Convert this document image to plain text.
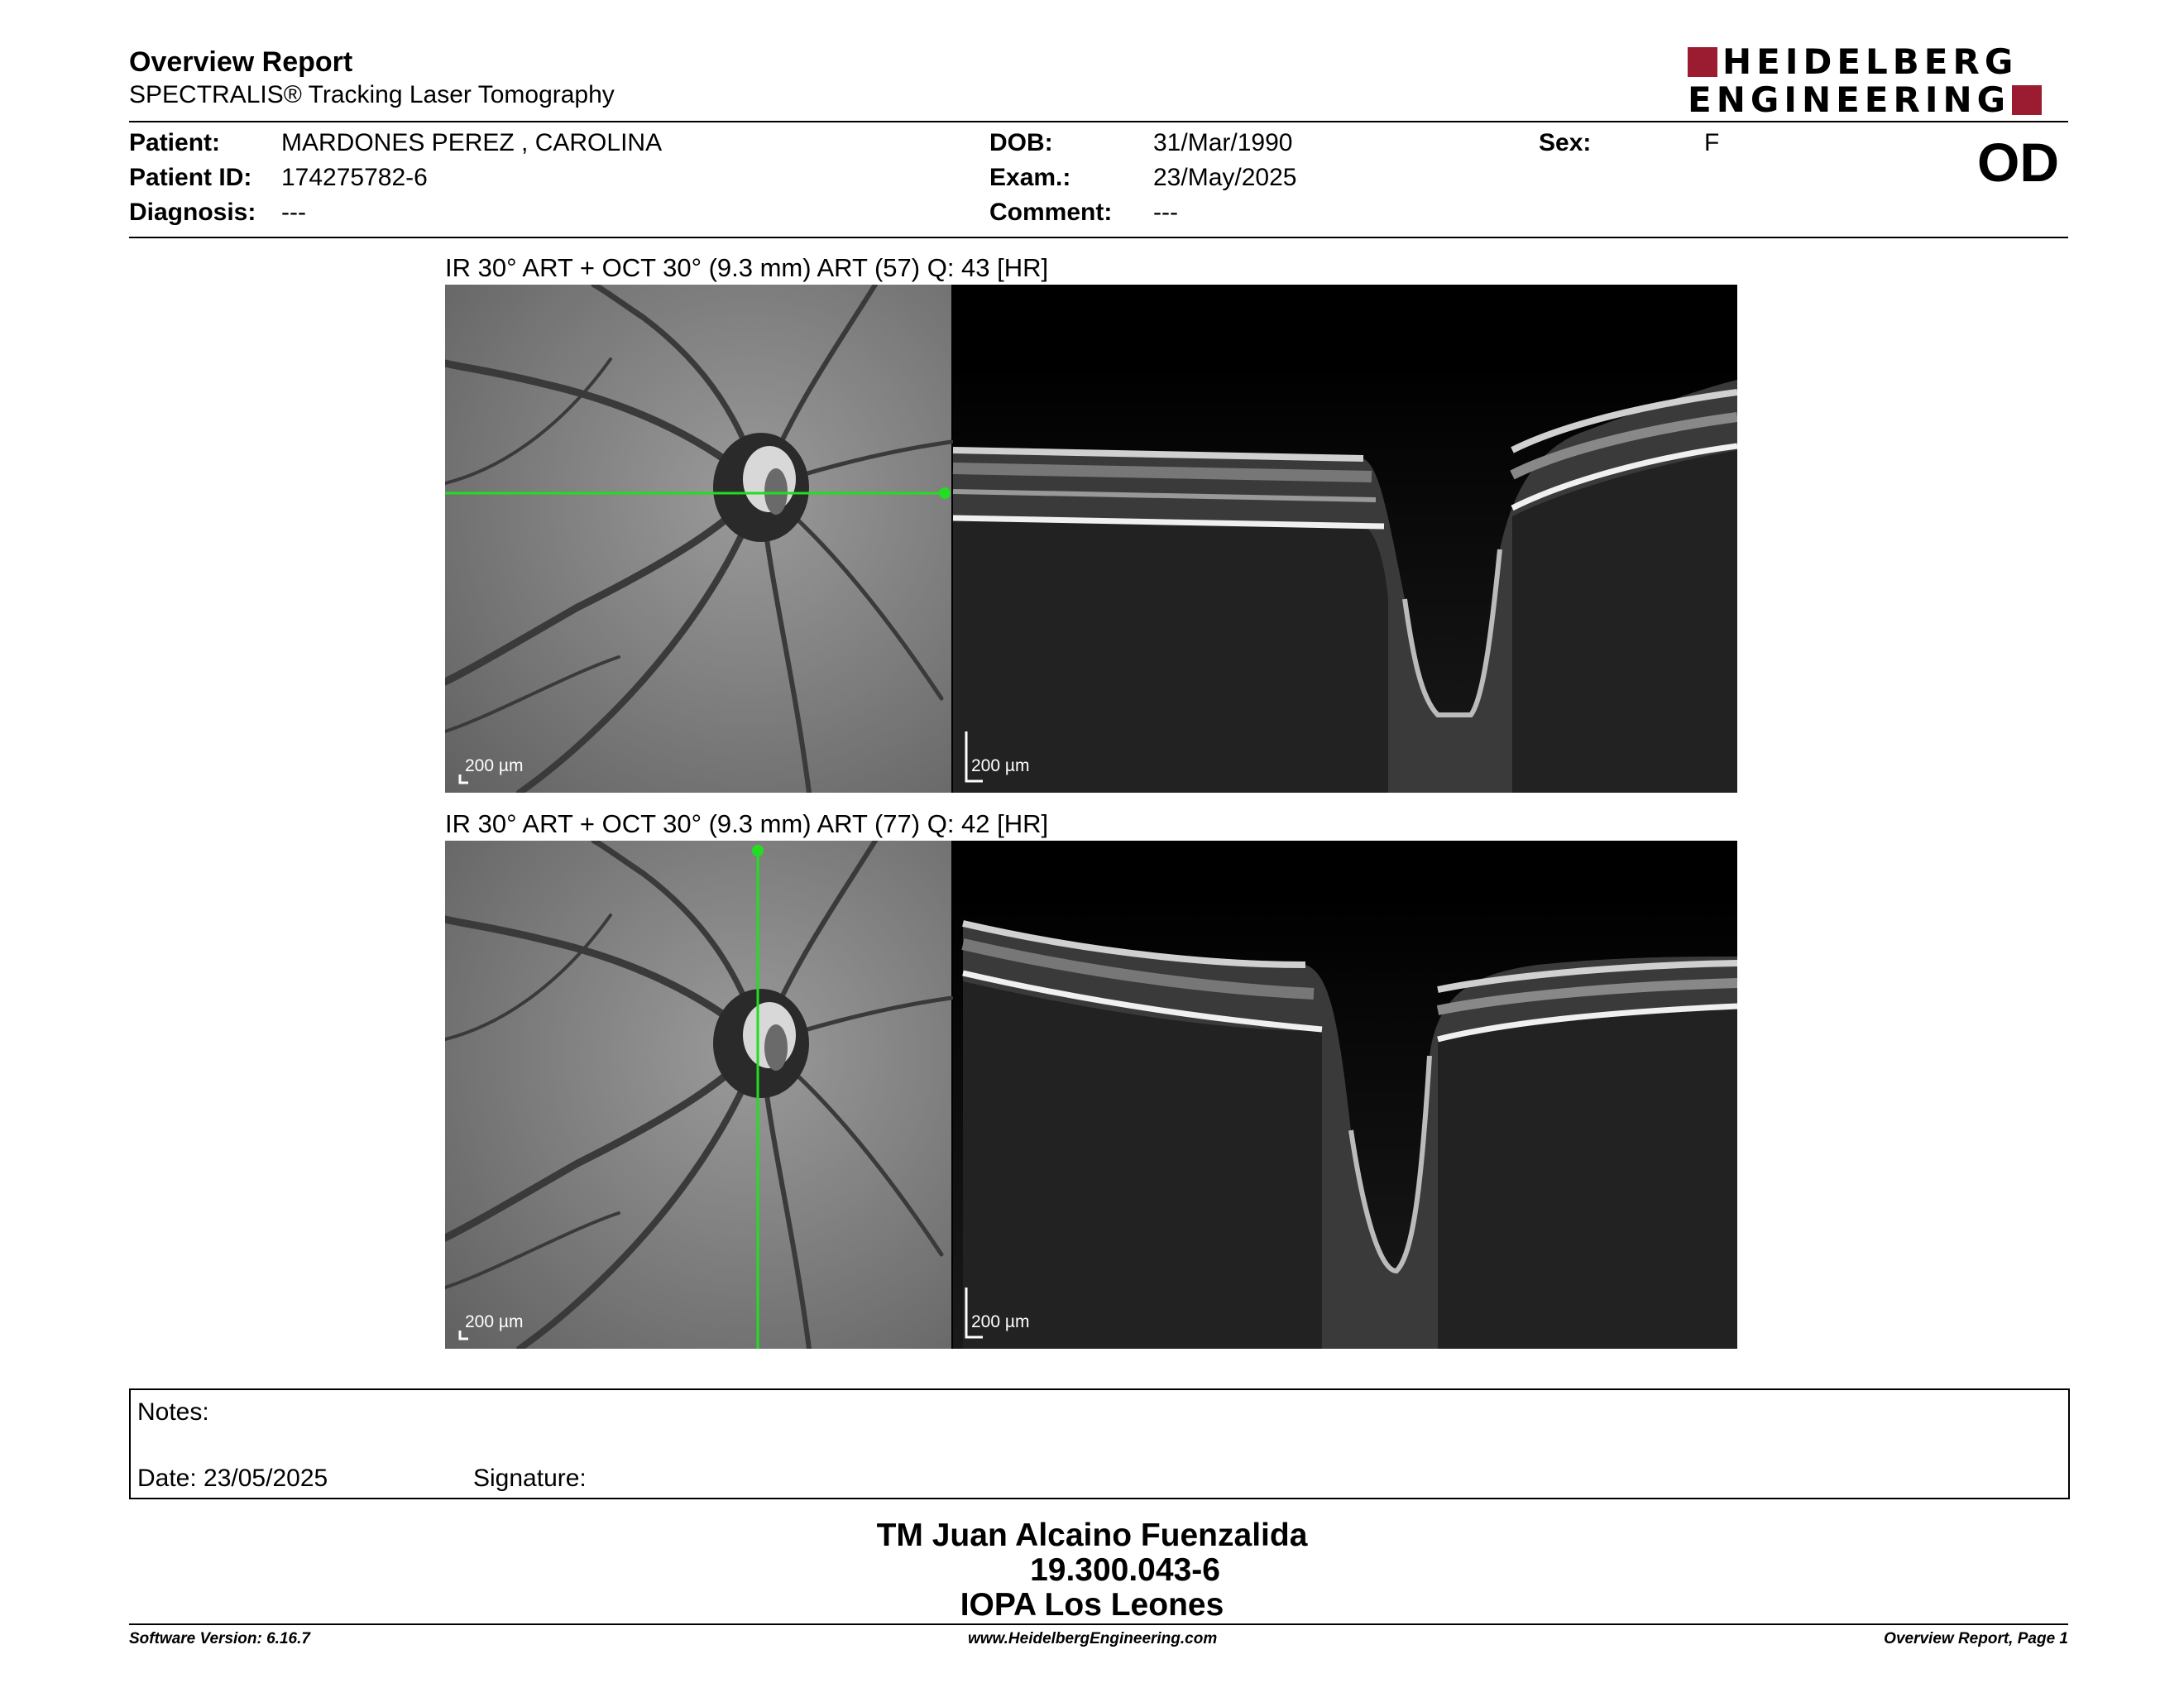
Overview Report
SPECTRALIS® Tracking Laser Tomography
HEIDELBERG
ENGINEERING
Patient: MARDONES PEREZ , CAROLINA
Patient ID: 174275782-6
Diagnosis: ---
DOB:	31/Mar/1990
Exam.:	23/May/2025
Comment: ---
Sex:	F	OD
IR 30° ART + OCT 30° (9.3 mm) ART (57) Q: 43 [HR]
200 µm	200 µm
IR 30° ART + OCT 30° (9.3 mm) ART (77) Q: 42 [HR]
200 µm	200 µm
Notes:
Date: 23/05/2025	Signature:
TM Juan Alcaino Fuenzalida
19.300.043-6
IOPA Los Leones
Software Version: 6.16.7	www.HeidelbergEngineering.com	Overview Report, Page 1
